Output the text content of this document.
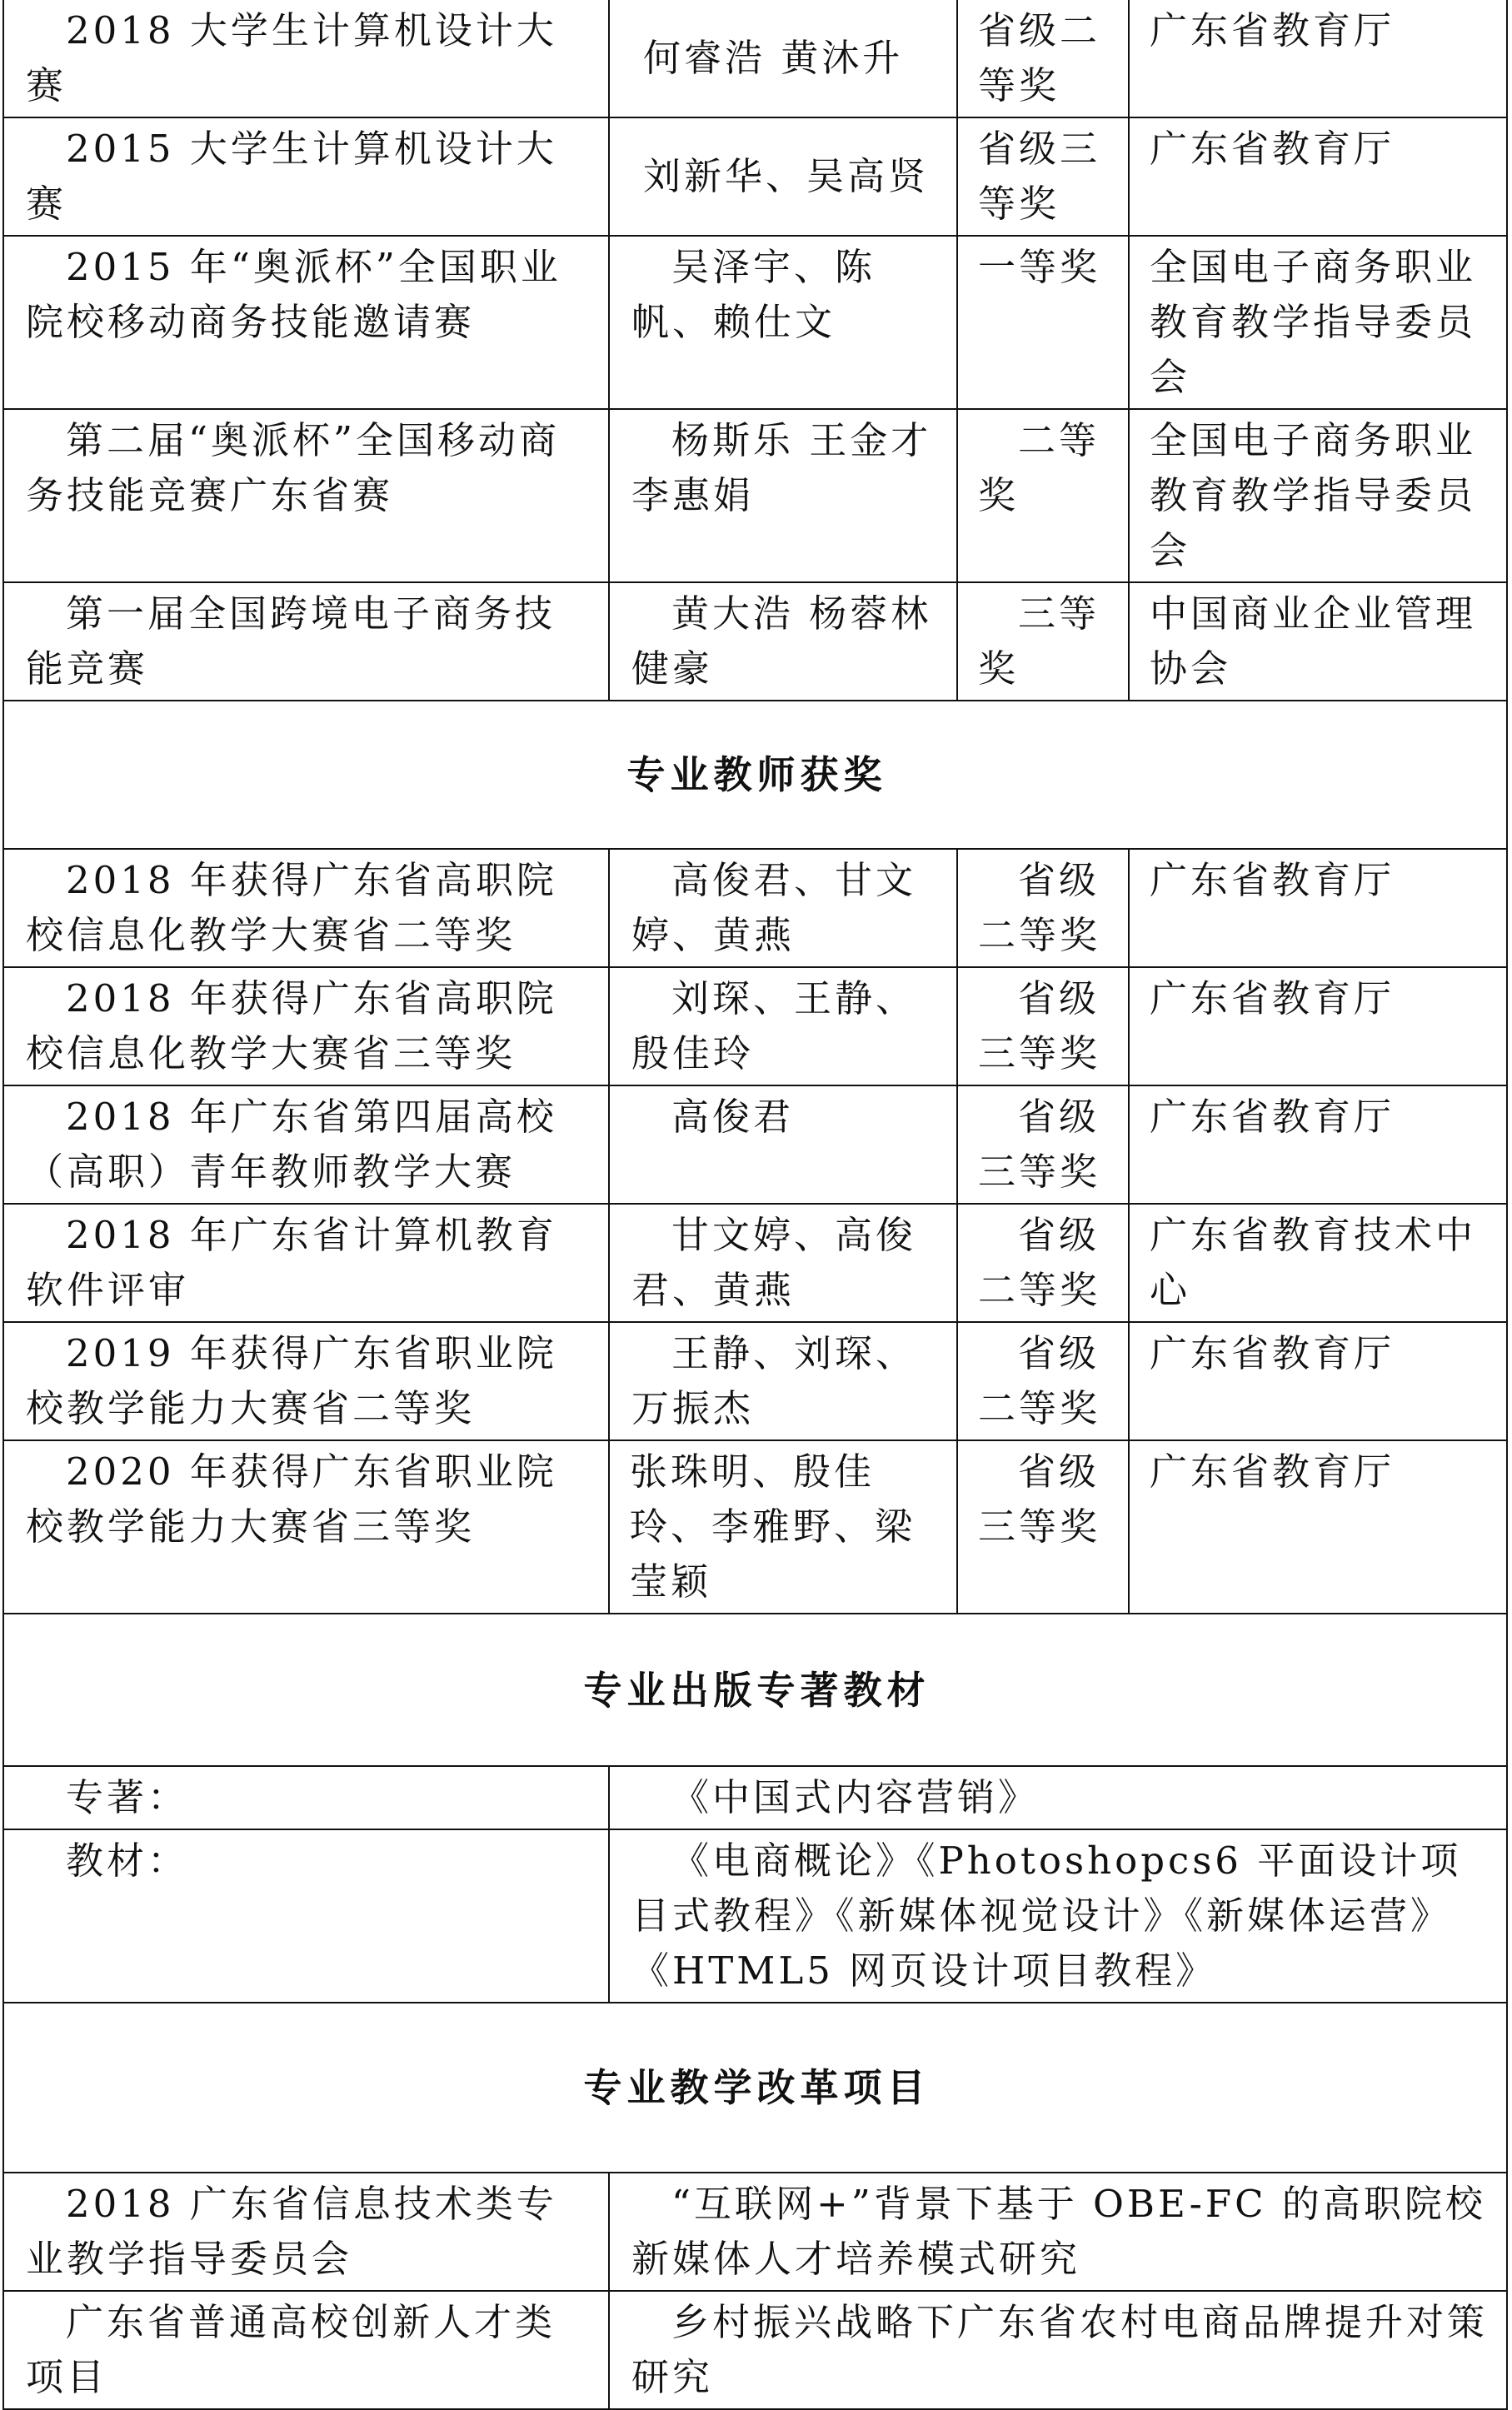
2018 大学生计算机设计大赛	何睿浩 黄沐升	省级二等奖	广东省教育厅
2015 大学生计算机设计大赛	刘新华、吴高贤	省级三等奖	广东省教育厅
2015 年“奥派杯”全国职业院校移动商务技能邀请赛	吴泽宇、陈帆、赖仕文	一等奖	全国电子商务职业教育教学指导委员会
第二届“奥派杯”全国移动商务技能竞赛广东省赛	杨斯乐 王金才 李惠娟	二等奖	全国电子商务职业教育教学指导委员会
第一届全国跨境电子商务技能竞赛	黄大浩 杨蓉林健豪	三等奖	中国商业企业管理协会
专业教师获奖			
2018 年获得广东省高职院校信息化教学大赛省二等奖	高俊君、甘文婷、黄燕	省级二等奖	广东省教育厅
2018 年获得广东省高职院校信息化教学大赛省三等奖	刘琛、王静、殷佳玲	省级三等奖	广东省教育厅
2018 年广东省第四届高校（高职）青年教师教学大赛	高俊君	省级三等奖	广东省教育厅
2018 年广东省计算机教育软件评审	甘文婷、高俊君、黄燕	省级二等奖	广东省教育技术中心
2019 年获得广东省职业院校教学能力大赛省二等奖	王静、刘琛、万振杰	省级二等奖	广东省教育厅
2020 年获得广东省职业院校教学能力大赛省三等奖	张珠明、殷佳玲、李雅野、梁莹颖	省级三等奖	广东省教育厅
专业出版专著教材			
专著：	《中国式内容营销》		
教材：	《电商概论》《Photoshopcs6 平面设计项目式教程》《新媒体视觉设计》《新媒体运营》《HTML5 网页设计项目教程》		
专业教学改革项目			
2018 广东省信息技术类专业教学指导委员会	“互联网+”背景下基于 OBE-FC 的高职院校新媒体人才培养模式研究		
广东省普通高校创新人才类项目	乡村振兴战略下广东省农村电商品牌提升对策研究		
